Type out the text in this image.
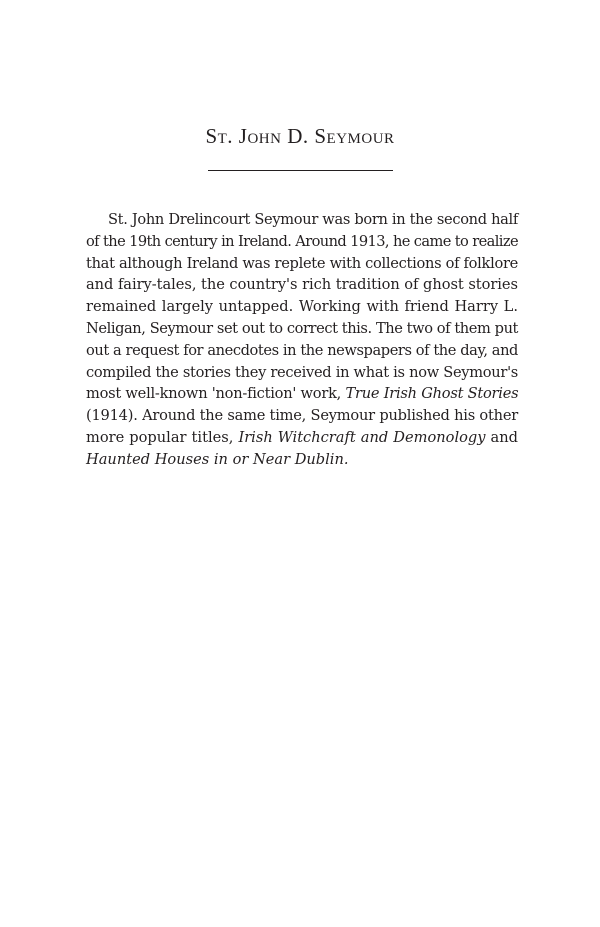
St. John D. Seymour
St. John Drelincourt Seymour was born in the second half
of the 19th century in Ireland. Around 1913, he came to realize
that although Ireland was replete with collections of folklore
and fairy-tales, the country's rich tradition of ghost stories
remained largely untapped. Working with friend Harry L.
Neligan, Seymour set out to correct this. The two of them put
out a request for anecdotes in the newspapers of the day, and
compiled the stories they received in what is now Seymour's
most well-known 'non-fiction' work, True Irish Ghost Stories
(1914). Around the same time, Seymour published his other
more popular titles, Irish Witchcraft and Demonology and
Haunted Houses in or Near Dublin.
